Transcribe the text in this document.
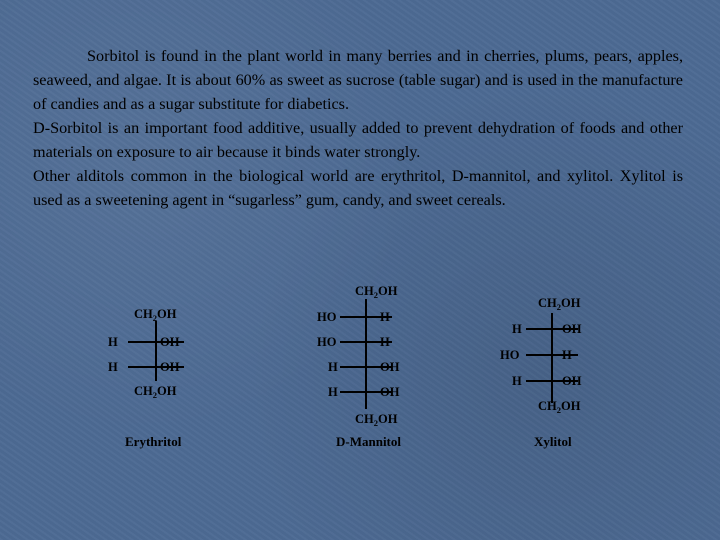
Sorbitol is found in the plant world in many berries and in cherries, plums, pears, apples, seaweed, and algae. It is about 60% as sweet as sucrose (table sugar) and is used in the manufacture of candies and as a sugar substitute for diabetics.

D-Sorbitol is an important food additive, usually added to prevent dehydration of foods and other materials on exposure to air because it binds water strongly.

Other alditols common in the biological world are erythritol, D-mannitol, and xylitol. Xylitol is used as a sweetening agent in “sugarless” gum, candy, and sweet cereals.

$CH_2OH$
H	OH
H	OH
$CH_2OH$
Erythritol
$CH_2OH$
HO	H
HO	H
H	OH
H	OH
$CH_2OH$
D-Mannitol
$CH_2OH$
H	OH
HO	H
H	OH
$CH_2OH$
Xylitol
